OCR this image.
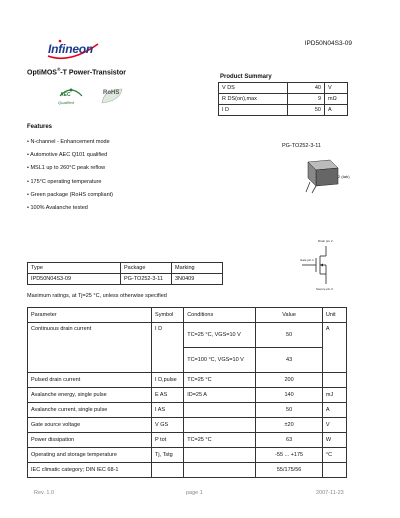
Infineon	IPD50N04S3-09
OptiMOS®-T Power-Transistor
AEC
Qualified
RoHS
Product Summary
V DS	40	V
R DS(on),max	9	mΩ
I D	50	A
Features
• N-channel - Enhancement mode
• Automotive AEC Q101 qualified
• MSL1 up to 260°C peak reflow
• 175°C operating temperature
• Green package (RoHS compliant)
• 100% Avalanche tested
PG-TO252-3-11
2 (tab)
Drain pin 2
Gate pin 1
Source pin 3
Type	Package	Marking
IPD50N04S3-09	PG-TO252-3-11	3N0409
Maximum ratings, at Tj=25 °C, unless otherwise specified
Parameter	Symbol	Conditions	Value	Unit
Continuous drain current	I D	TC=25 °C, VGS=10 V	50	A
		TC=100 °C, VGS=10 V	43	
Pulsed drain current	I D,pulse	TC=25 °C	200	
Avalanche energy, single pulse	E AS	ID=25 A	140	mJ
Avalanche current, single pulse	I AS		50	A
Gate source voltage	V GS		±20	V
Power dissipation	P tot	TC=25 °C	63	W
Operating and storage temperature	Tj, Tstg		-55 ... +175	°C
IEC climatic category; DIN IEC 68-1			55/175/56	
Rev. 1.0	page 1	2007-11-23
